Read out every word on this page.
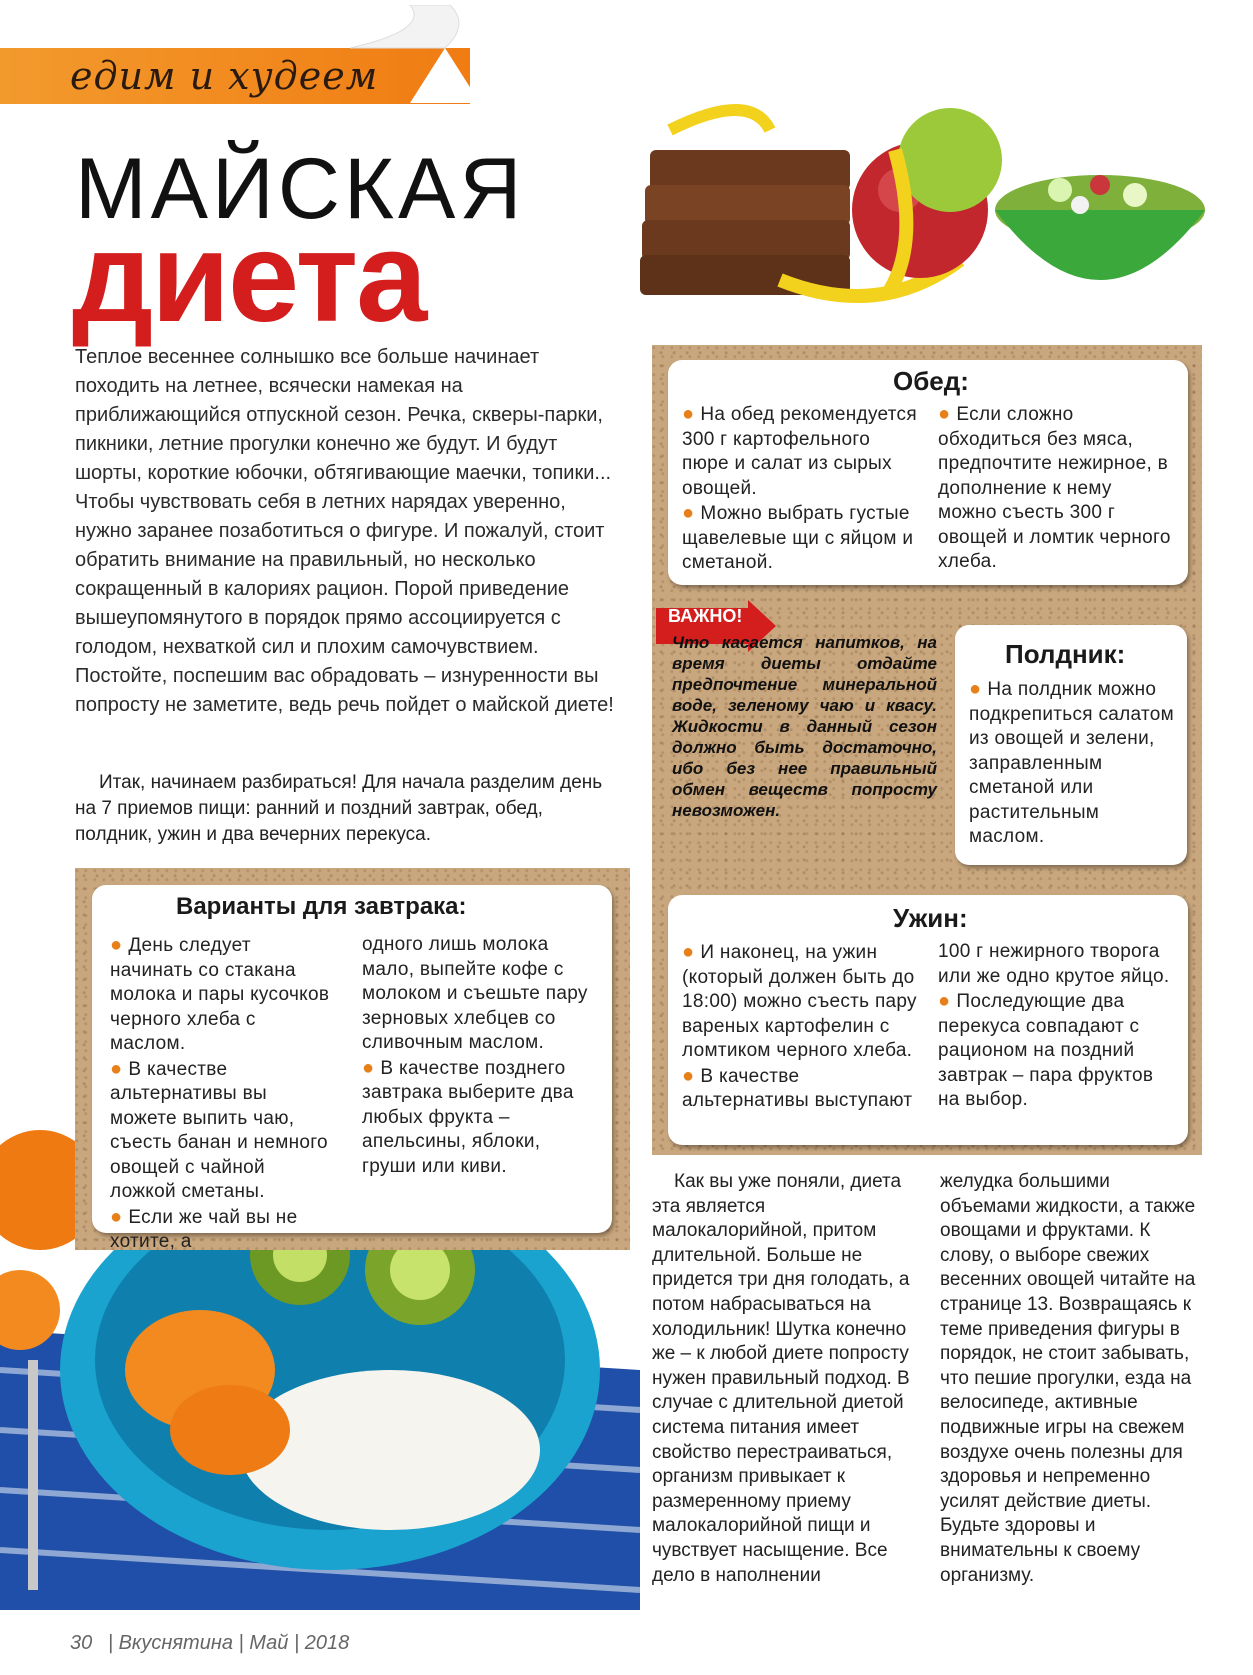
едим и худеем
МАЙСКАЯ
диета
Теплое весеннее солнышко все больше начинает походить на летнее, всячески намекая на приближающийся отпускной сезон. Речка, скверы-парки, пикники, летние прогулки конечно же будут. И будут шорты, короткие юбочки, обтягивающие маечки, топики... Чтобы чувствовать себя в летних нарядах уверенно, нужно заранее позаботиться о фигуре. И пожалуй, стоит обратить внимание на правильный, но несколько сокращенный в калориях рацион. Порой приведение вышеупомянутого в порядок прямо ассоциируется с голодом, нехваткой сил и плохим самочувствием. Постойте, поспешим вас обрадовать – изнуренности вы попросту не заметите, ведь речь пойдет о майской диете!

Итак, начинаем разбираться! Для начала разделим день на 7 приемов пищи: ранний и поздний завтрак, обед, полдник, ужин и два вечерних перекуса.

Обед:

● На обед рекомендуется 300 г картофельного пюре и салат из сырых овощей.

● Можно выбрать густые щавелевые щи с яйцом и сметаной.

● Если сложно обходиться без мяса, предпочтите нежирное, в дополнение к нему можно съесть 300 г овощей и ломтик черного хлеба.

ВАЖНО!
Что касается напитков, на время диеты отдайте предпочтение минеральной воде, зеленому чаю и квасу. Жидкости в данный сезон должно быть достаточно, ибо без нее правильный обмен веществ попросту невозможен.
Полдник:

● На полдник можно подкрепиться салатом из овощей и зелени, заправленным сметаной или растительным маслом.

Ужин:

● И наконец, на ужин (который должен быть до 18:00) можно съесть пару вареных картофелин с ломтиком черного хлеба.

● В качестве альтернативы выступают

100 г нежирного творога или же одно крутое яйцо.

● Последующие два перекуса совпадают с рационом на поздний завтрак – пара фруктов на выбор.

Варианты для завтрака:

● День следует начинать со стакана молока и пары кусочков черного хлеба с маслом.

● В качестве альтернативы вы можете выпить чаю, съесть банан и немного овощей с чайной ложкой сметаны.

● Если же чай вы не хотите, а

одного лишь молока мало, выпейте кофе с молоком и съешьте пару зерновых хлебцев со сливочным маслом.

● В качестве позднего завтрака выберите два любых фрукта – апельсины, яблоки, груши или киви.

Как вы уже поняли, диета эта является малокалорийной, притом длительной. Больше не придется три дня голодать, а потом набрасываться на холодильник! Шутка конечно же – к любой диете попросту нужен правильный подход. В случае с длительной диетой система питания имеет свойство перестраиваться, организм привыкает к размеренному приему малокалорийной пищи и чувствует насыщение. Все дело в наполнении
желудка большими объемами жидкости, а также овощами и фруктами. К слову, о выборе свежих весенних овощей читайте на странице 13. Возвращаясь к теме приведения фигуры в порядок, не стоит забывать, что пешие прогулки, езда на велосипеде, активные подвижные игры на свежем воздухе очень полезны для здоровья и непременно усилят действие диеты. Будьте здоровы и внимательны к своему организму.
30 | Вкуснятина | Май | 2018
